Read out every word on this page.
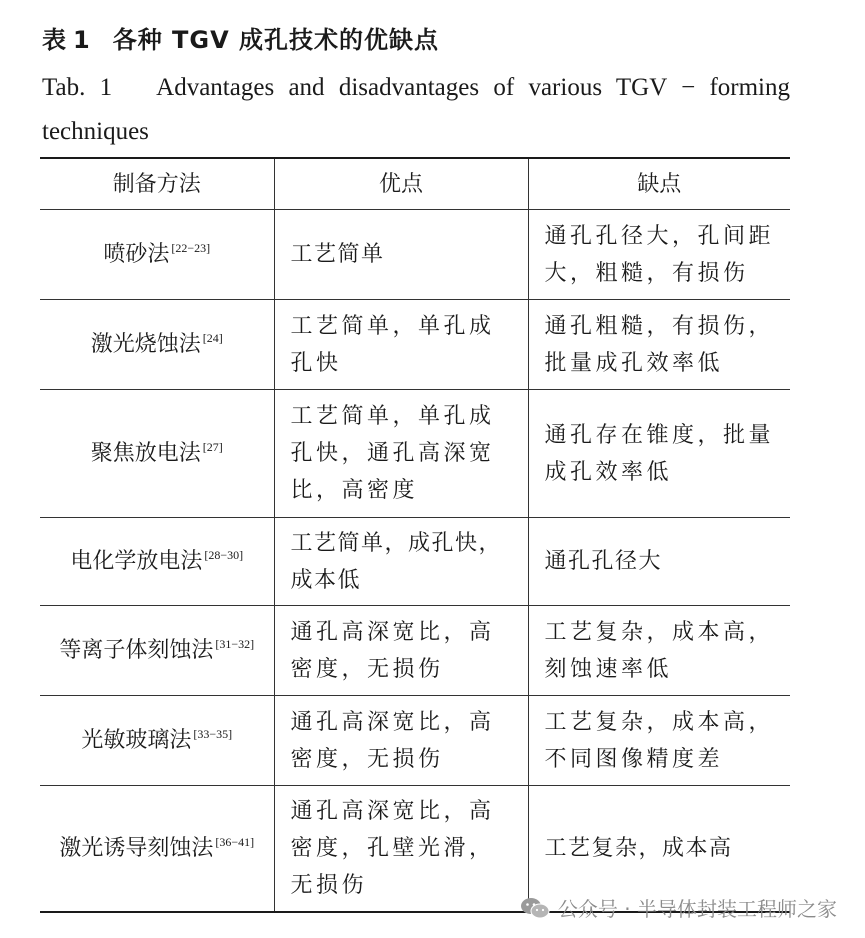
表 1 各种 TGV 成孔技术的优缺点
Tab. 1 Advantages and disadvantages of various TGV − forming techniques
制备方法	优点	缺点
喷砂法 [22−23]	工艺简单	通孔孔径大，孔间距大，粗糙，有损伤
激光烧蚀法 [24]	工艺简单，单孔成孔快	通孔粗糙，有损伤，批量成孔效率低
聚焦放电法 [27]	工艺简单，单孔成孔快，通孔高深宽比，高密度	通孔存在锥度，批量成孔效率低
电化学放电法 [28−30]	工艺简单，成孔快，成本低	通孔孔径大
等离子体刻蚀法 [31−32]	通孔高深宽比，高密度，无损伤	工艺复杂，成本高，刻蚀速率低
光敏玻璃法 [33−35]	通孔高深宽比，高密度，无损伤	工艺复杂，成本高，不同图像精度差
激光诱导刻蚀法 [36−41]	通孔高深宽比，高密度，孔壁光滑，无损伤	工艺复杂，成本高
公众号 · 半导体封装工程师之家
